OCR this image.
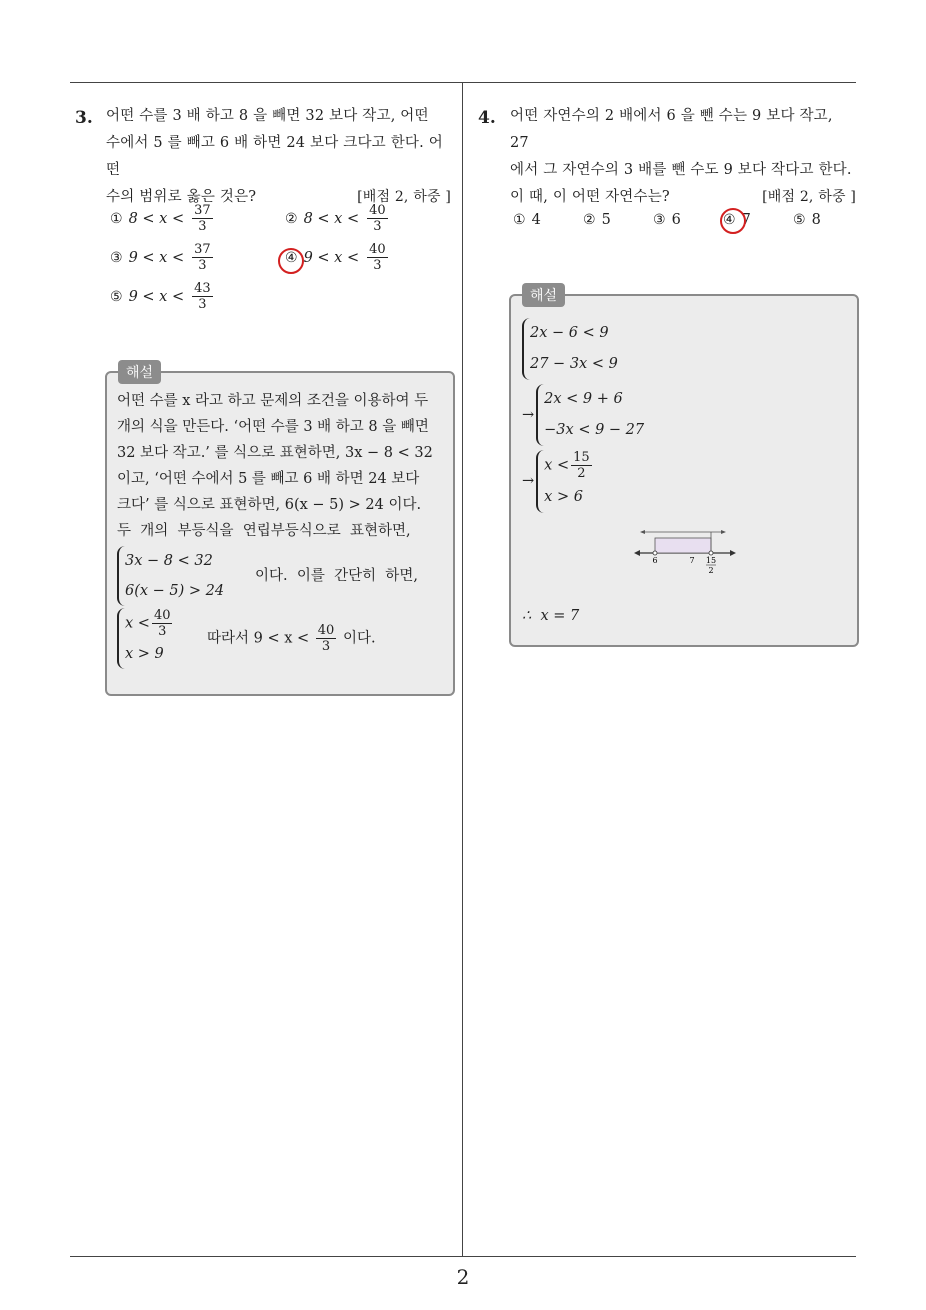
2
3. 어떤 수를 3 배 하고 8 을 빼면 32 보다 작고, 어떤

수에서 5 를 빼고 6 배 하면 24 보다 크다고 한다. 어떤

수의 범위로 옳은 것은?	[배점 2, 하중 ]

① $8 < x < \frac{37}{3}$	② $8 < x < \frac{40}{3}$
③ $9 < x < \frac{37}{3}$	④ $9 < x < \frac{40}{3}$
⑤ $9 < x < \frac{43}{3}$
해설
어떤 수를 x 라고 하고 문제의 조건을 이용하여 두
개의 식을 만든다. ‘어떤 수를 3 배 하고 8 을 빼면
32 보다 작고.’ 를 식으로 표현하면, 3x − 8 < 32
이고, ‘어떤 수에서 5 를 빼고 6 배 하면 24 보다
크다’ 를 식으로 표현하면, 6(x − 5) > 24 이다.
두  개의  부등식을  연립부등식으로  표현하면,
3x − 8 < 32
6(x − 5) > 24
이다.  이를  간단히  하면,
$x < \frac{40}{3}$
x > 9
따라서 $9 < x < \frac{40}{3}$ 이다.
4. 어떤 자연수의 2 배에서 6 을 뺀 수는 9 보다 작고, 27

에서 그 자연수의 3 배를 뺀 수도 9 보다 작다고 한다.

이 때, 이 어떤 자연수는?	[배점 2, 하중 ]

① 4	② 5	③ 6	④ 7	⑤ 8
해설
2x − 6 < 9
27 − 3x < 9
→
2x < 9 + 6
−3x < 9 − 27
→
$x < \frac{15}{2}$
x > 6
6	7 15
2
∴  x = 7
